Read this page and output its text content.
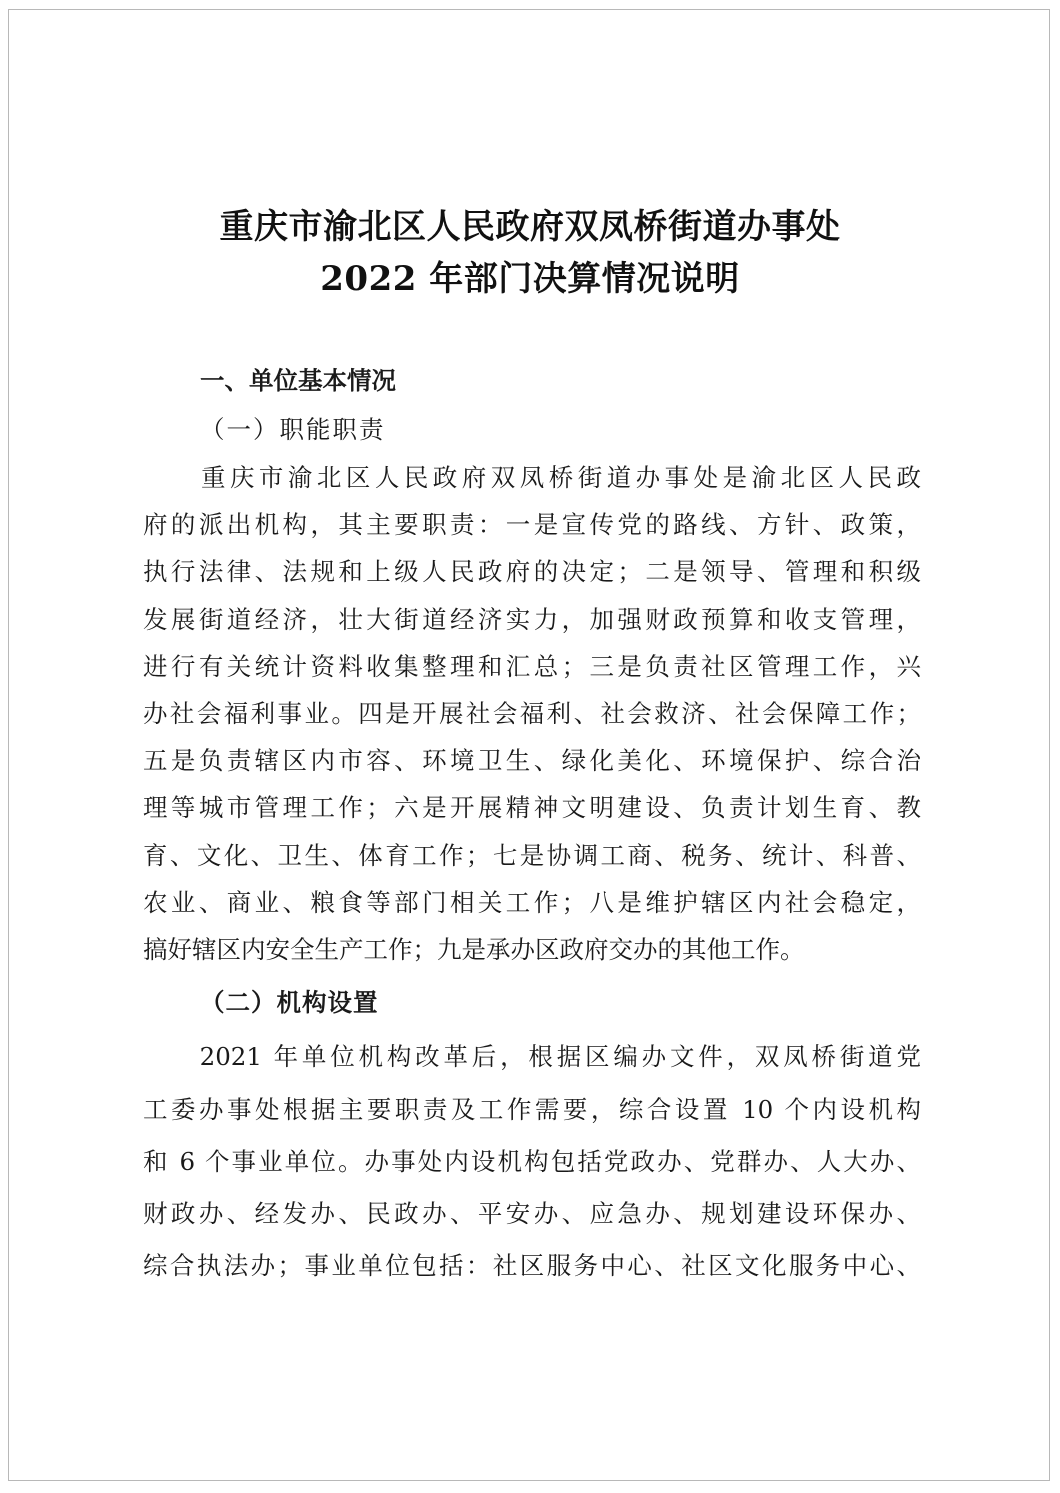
重庆市渝北区人民政府双凤桥街道办事处
2022 年部门决算情况说明
一、单位基本情况
（一）职能职责
　　重庆市渝北区人民政府双凤桥街道办事处是渝北区人民政
府的派出机构，其主要职责：一是宣传党的路线、方针、政策，
执行法律、法规和上级人民政府的决定；二是领导、管理和积级
发展街道经济，壮大街道经济实力，加强财政预算和收支管理，
进行有关统计资料收集整理和汇总；三是负责社区管理工作，兴
办社会福利事业。四是开展社会福利、社会救济、社会保障工作；
五是负责辖区内市容、环境卫生、绿化美化、环境保护、综合治
理等城市管理工作；六是开展精神文明建设、负责计划生育、教
育、文化、卫生、体育工作；七是协调工商、税务、统计、科普、
农业、商业、粮食等部门相关工作；八是维护辖区内社会稳定，
搞好辖区内安全生产工作；九是承办区政府交办的其他工作。
（二）机构设置
　　2021 年单位机构改革后，根据区编办文件，双凤桥街道党
工委办事处根据主要职责及工作需要，综合设置 10 个内设机构
和 6 个事业单位。办事处内设机构包括党政办、党群办、人大办、
财政办、经发办、民政办、平安办、应急办、规划建设环保办、
综合执法办；事业单位包括：社区服务中心、社区文化服务中心、
